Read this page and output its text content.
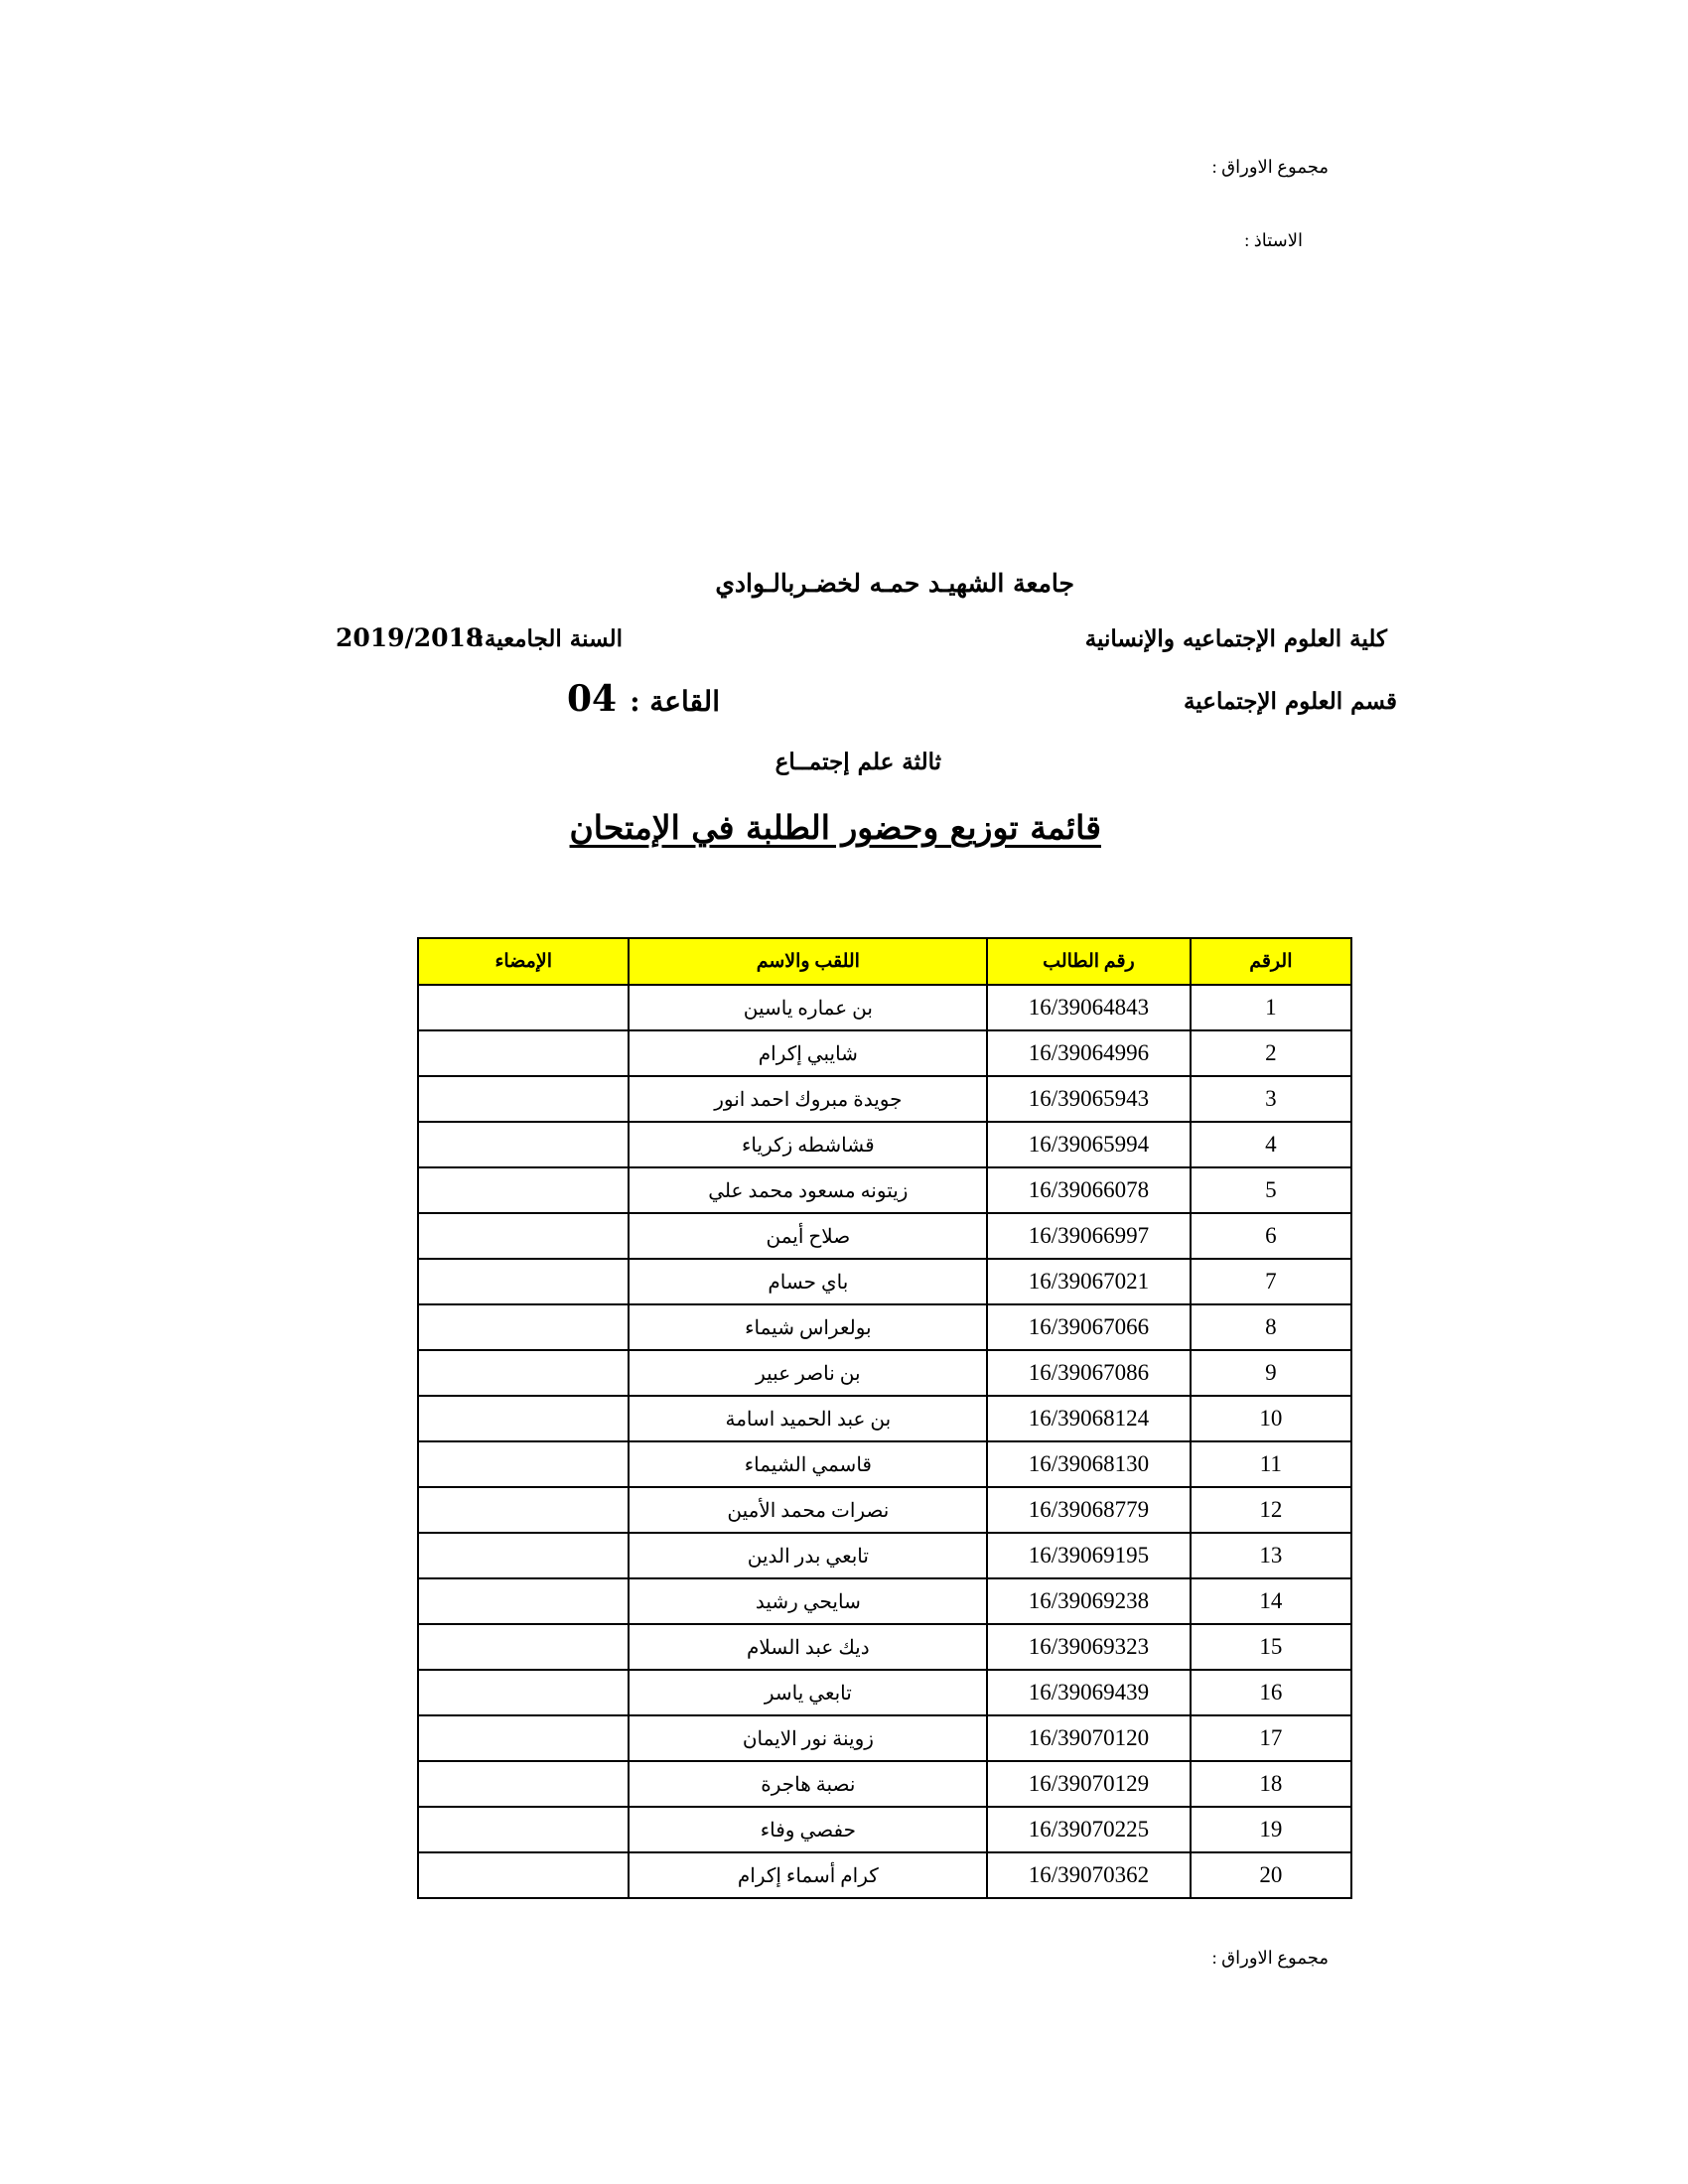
مجموع الاوراق :
الاستاذ :
جامعة الشهيـد حمـه لخضـربالـوادي
كلية العلوم الإجتماعيه والإنسانية
السنة الجامعية:
2019/2018
قسم العلوم الإجتماعية
القاعة :
04
ثالثة علم إجتمــاع
قائمة توزيع وحضور الطلبة في الإمتحان
الرقم	رقم الطالب	اللقب والاسم	الإمضاء
1	16/39064843	بن عماره ياسين	
2	16/39064996	شايبي إكرام	
3	16/39065943	جويدة مبروك احمد انور	
4	16/39065994	قشاشطه زكرياء	
5	16/39066078	زيتونه مسعود محمد علي	
6	16/39066997	صلاح أيمن	
7	16/39067021	باي حسام	
8	16/39067066	بولعراس شيماء	
9	16/39067086	بن ناصر عبير	
10	16/39068124	بن عبد الحميد اسامة	
11	16/39068130	قاسمي الشيماء	
12	16/39068779	نصرات محمد الأمين	
13	16/39069195	تابعي بدر الدين	
14	16/39069238	سايحي رشيد	
15	16/39069323	ديك عبد السلام	
16	16/39069439	تابعي ياسر	
17	16/39070120	زوينة نور الايمان	
18	16/39070129	نصبة هاجرة	
19	16/39070225	حفصي وفاء	
20	16/39070362	كرام أسماء إكرام	
مجموع الاوراق :
